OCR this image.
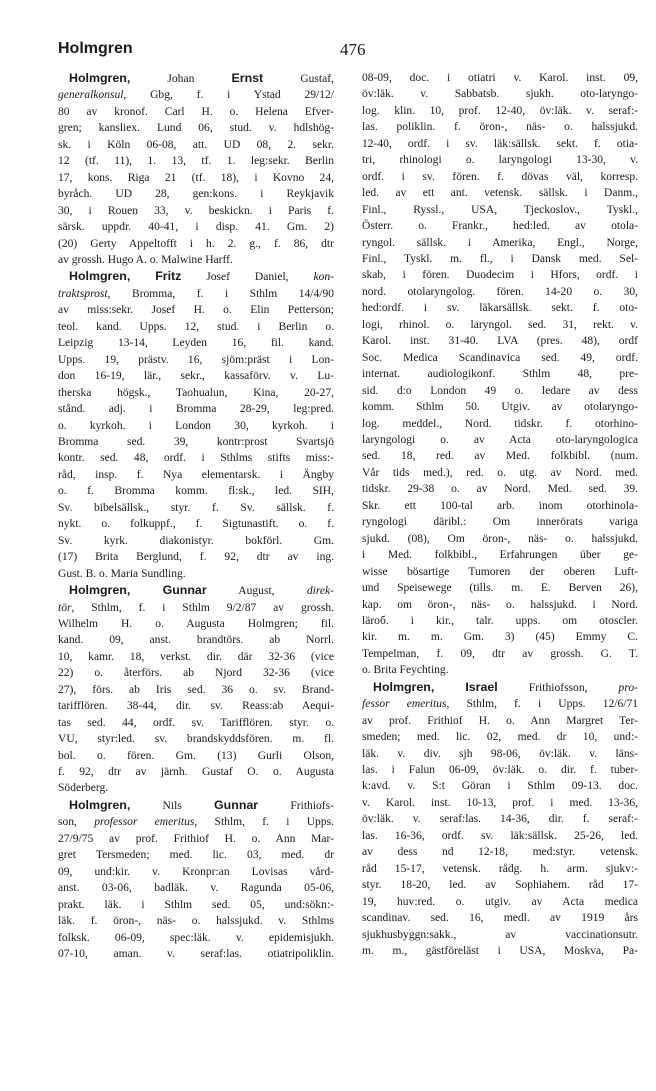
Holmgren	476
Holmgren, Johan Ernst Gustaf,
generalkonsul, Gbg, f. i Ystad 29/12/
80 av kronof. Carl H. o. Helena Efver-
gren; kansliex. Lund 06, stud. v. hdlshög-
sk. i Köln 06-08, att. UD 08, 2. sekr.
12 (tf. 11), 1. 13, tf. 1. leg:sekr. Berlin
17, kons. Riga 21 (tf. 18), i Kovno 24,
byråch. UD 28, gen:kons. i Reykjavik
30, i Rouen 33, v. beskickn. i Paris f.
särsk. uppdr. 40-41, i disp. 41. Gm. 2)
(20) Gerty Appeltofft i h. 2. g., f. 86, dtr
av grossh. Hugo A. o. Malwine Harff.
Holmgren, Fritz Josef Daniel, kon-
traktsprost, Bromma, f. i Sthlm 14/4/90
av miss:sekr. Josef H. o. Elin Petterson;
teol. kand. Upps. 12, stud. i Berlin o.
Leipzig 13-14, Leyden 16, fil. kand.
Upps. 19, prästv. 16, sjöm:präst i Lon-
don 16-19, lär., sekr., kassaförv. v. Lu-
therska högsk., Taohualun, Kina, 20-27,
stånd. adj. i Bromma 28-29, leg:pred.
o. kyrkoh. i London 30, kyrkoh. i
Bromma sed. 39, kontr:prost Svartsjö
kontr. sed. 48, ordf. i Sthlms stifts miss:-
råd, insp. f. Nya elementarsk. i Ängby
o. f. Bromma komm. fl:sk., led. SIH,
Sv. bibelsällsk., styr. f. Sv. sällsk. f.
nykt. o. folkuppf., f. Sigtunastift. o. f.
Sv. kyrk. diakonistyr. bokförl. Gm.
(17) Brita Berglund, f. 92, dtr av ing.
Gust. B. o. Maria Sundling.
Holmgren,	Gunnar August, direk-
tör, Sthlm, f. i Sthlm 9/2/87 av grossh.
Wilhelm H. o. Augusta Holmgren; fil.
kand. 09, anst. brandtörs. ab Norrl.
10, kamr. 18, verkst. dir. där 32-36 (vice
22) o. återförs. ab Njord 32-36 (vice
27), förs. ab Iris sed. 36 o. sv. Brand-
tarifflören. 38-44, dir. sv. Reass:ab Aequi-
tas sed. 44, ordf. sv. Tarifflören. styr. o.
VU, styr:led. sv. brandskyddsfören. m. fl.
bol. o. fören. Gm. (13) Gurli Olson,
f. 92, dtr av järnh. Gustaf O. o. Augusta
Söderberg.
Holmgren, Nils Gunnar Frithiofs-
son, professor emeritus, Sthlm, f. i Upps.
27/9/75 av prof. Frithiof H. o. Ann Mar-
gret Tersmeden; med. lic. 03, med. dr
09, und:kir. v. Kronpr:an Lovisas vård-
anst. 03-06, badläk. v. Ragunda 05-06,
prakt. läk. i Sthlm sed. 05, und:sökn:-
läk. f. öron-, näs- o. halssjukd. v. Sthlms
folksk. 06-09, spec:läk. v. epidemisjukh.
07-10, aman. v. seraf:las. otiatripoliklin.
08-09, doc. i otiatri v. Karol. inst. 09,
öv:läk. v. Sabbatsb. sjukh. oto-laryngo-
log. klin. 10, prof. 12-40, öv:läk. v. seraf:-
las. poliklin. f. öron-, näs- o. halssjukd.
12-40, ordf. i sv. läk:sällsk. sekt. f. otia-
tri, rhinologi o. laryngologi 13-30, v.
ordf. i sv. fören. f. dövas väl, korresp.
led. av ett ant. vetensk. sällsk. i Danm.,
Finl., Ryssl., USA, Tjeckoslov., Tyskl.,
Österr. o. Frankr., hed:led. av otola-
ryngol. sällsk. i Amerika, Engl., Norge,
Finl., Tyskl. m. fl., i Dansk med. Sel-
skab, i fören. Duodecim i Hfors, ordf. i
nord. otolaryngolog. fören. 14-20 o. 30,
hed:ordf. i sv. läkarsällsk. sekt. f. oto-
logi, rhinol. o. laryngol. sed. 31, rekt. v.
Karol. inst. 31-40. LVA (pres. 48), ordf
Soc. Medica Scandinavica sed. 49, ordf.
internat. audiologikonf. Sthlm 48, pre-
sid. d:o London 49 o. ledare av dess
komm. Sthlm 50. Utgiv. av otolaryngo-
log. meddel., Nord. tidskr. f. otorhino-
laryngologi o. av Acta oto-laryngologica
sed. 18, red. av Med. folkbibl. (num.
Vår tids med.), red. o. utg. av Nord. med.
tidskr. 29-38 o. av Nord. Med. sed. 39.
Skr. ett 100-tal arb. inom otorhinola-
ryngologi däribl.: Om innerörats variga
sjukd. (08), Om öron-, näs- o. halssjukd.
i Med. folkbibl., Erfahrungen über ge-
wisse bösartige Tumoren der oberen Luft-
und Speisewege (tills. m. E. Berven 26),
kap. om öron-, näs- o. halssjukd. i Nord.
läroб. i kir., talr. upps. om otoscler.
kir. m. m. Gm. 3) (45) Emmy C.
Tempelman, f. 09, dtr av grossh. G. T.
o. Brita Feychting.
Holmgren,	Israel Frithiofsson, pro-
fessor emeritus, Sthlm, f. i Upps. 12/6/71
av prof. Frithiof H. o. Ann Margret Ter-
smeden; med. lic. 02, med. dr 10, und:-
läk. v. div. sjh 98-06, öv:läk. v. läns-
las. i Falun 06-09, öv:läk. o. dir. f. tuber-
k:avd. v. S:t Göran i Sthlm 09-13. doc.
v. Karol. inst. 10-13, prof. i med. 13-36,
öv:läk. v. seraf:las. 14-36, dir. f. seraf:-
las. 16-36, ordf. sv. läk:sällsk. 25-26, led.
av dess nd 12-18, med:styr. vetensk.
råd 15-17, vetensk. rådg. h. arm. sjukv:-
styr. 18-20, led. av Sophiahem. råd 17-
19, huv:red. o. utgiv. av Acta medica
scandinav. sed. 16, medl. av 1919 års
sjukhusbyggn:sakk., av vaccinationsutr.
m. m., gästföreläst i USA, Moskva, Pa-
